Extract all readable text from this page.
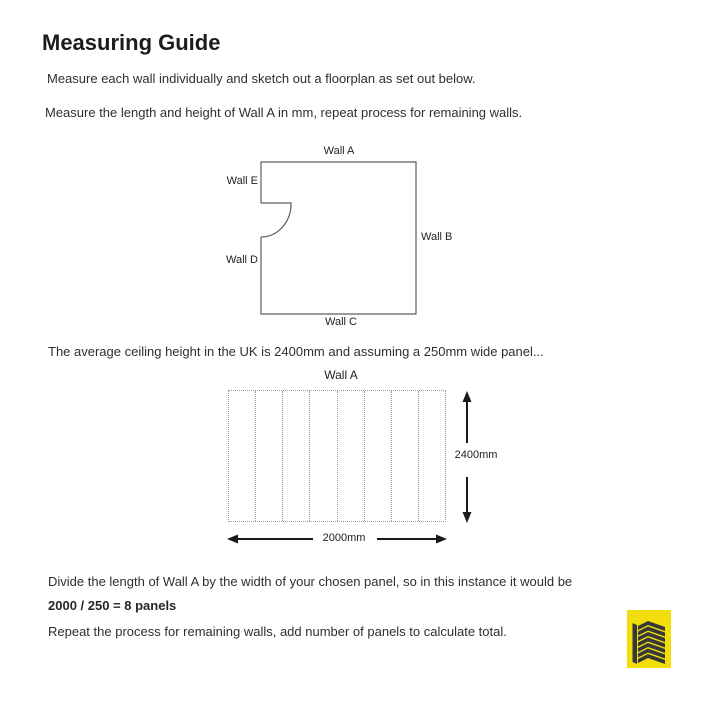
Measuring Guide
Measure each wall individually and sketch out a floorplan as set out below.
Measure the length and height of Wall A in mm, repeat process for remaining walls.
The average ceiling height in the UK is 2400mm and assuming a 250mm wide panel...
Divide the length of Wall A by the width of your chosen panel, so in this instance it would be
2000 / 250 = 8 panels
Repeat the process for remaining walls, add number of panels to calculate total.
Wall A
Wall E
Wall B
Wall D
Wall C
Wall A
2400mm
2000mm
